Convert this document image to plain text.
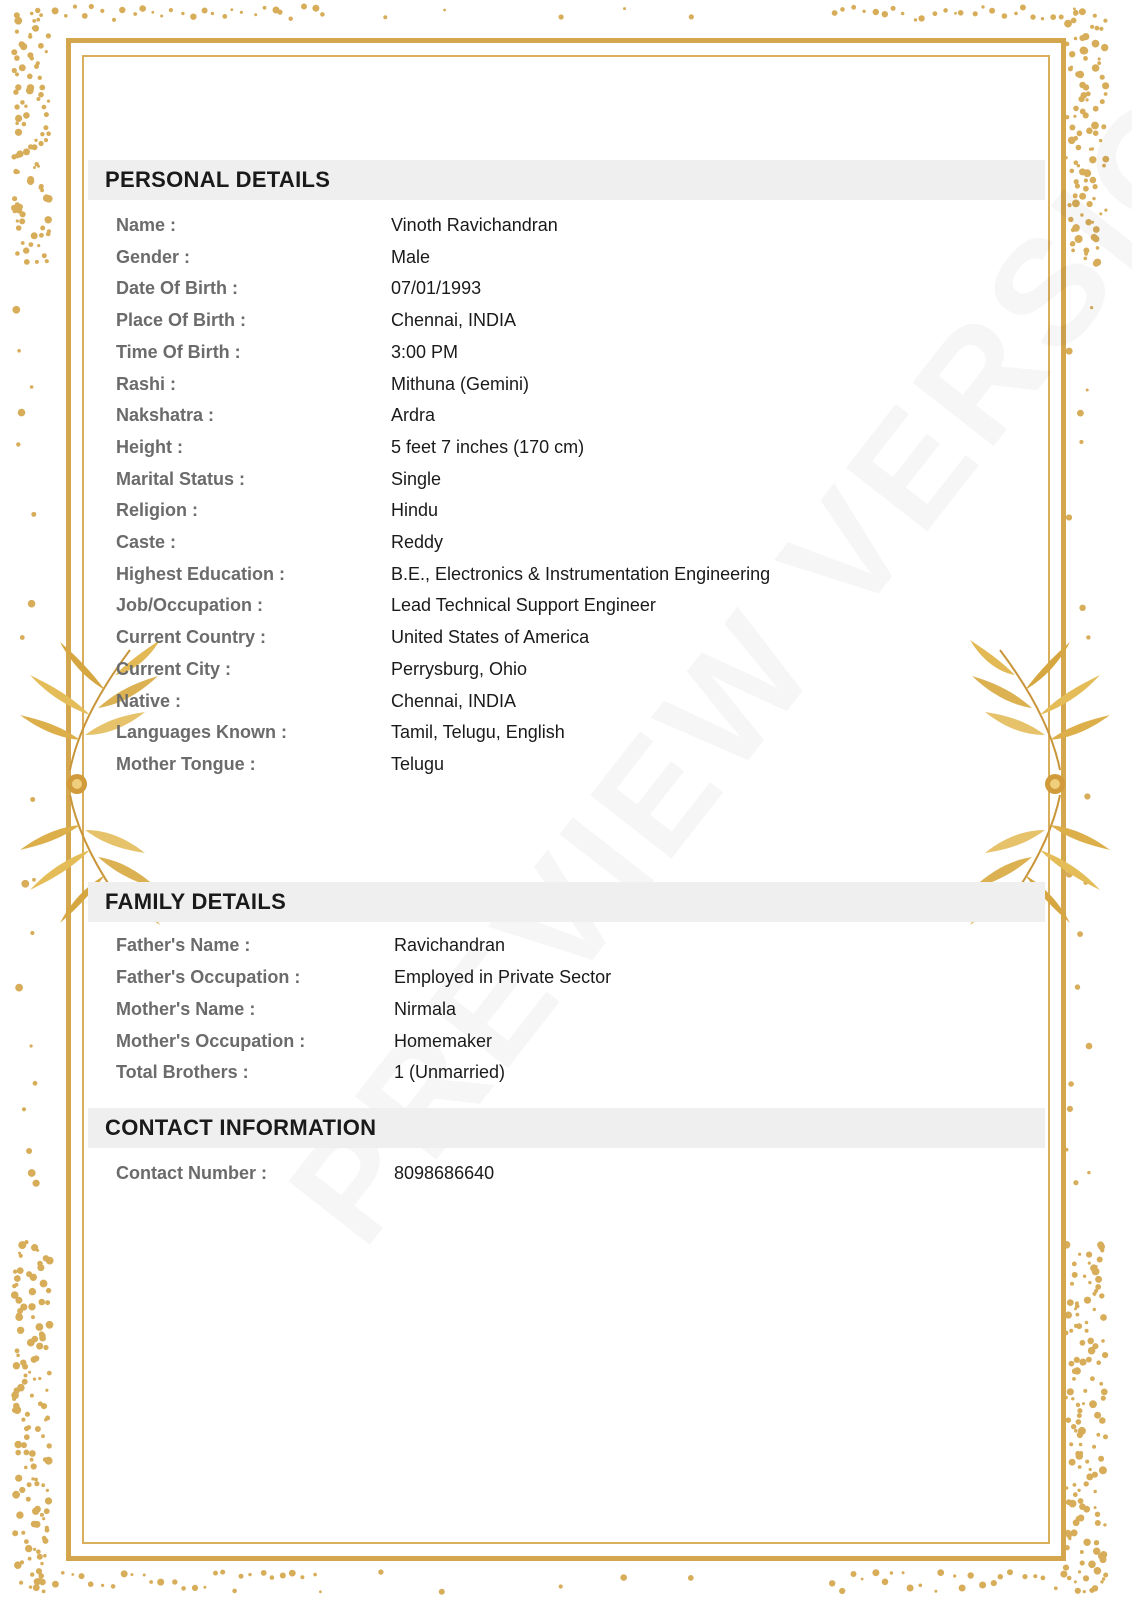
PERSONAL DETAILS
Name :	Vinoth Ravichandran
Gender :	Male
Date Of Birth :	07/01/1993
Place Of Birth :	Chennai, INDIA
Time Of Birth :	3:00 PM
Rashi :	Mithuna (Gemini)
Nakshatra :	Ardra
Height :	5 feet 7 inches (170 cm)
Marital Status :	Single
Religion :	Hindu
Caste :	Reddy
Highest Education :	B.E., Electronics & Instrumentation Engineering
Job/Occupation :	Lead Technical Support Engineer
Current Country :	United States of America
Current City :	Perrysburg, Ohio
Native :	Chennai, INDIA
Languages Known :	Tamil, Telugu, English
Mother Tongue :	Telugu
FAMILY DETAILS
Father's Name :	Ravichandran
Father's Occupation :	Employed in Private Sector
Mother's Name :	Nirmala
Mother's Occupation :	Homemaker
Total Brothers :	1 (Unmarried)
CONTACT INFORMATION
Contact Number :	8098686640
